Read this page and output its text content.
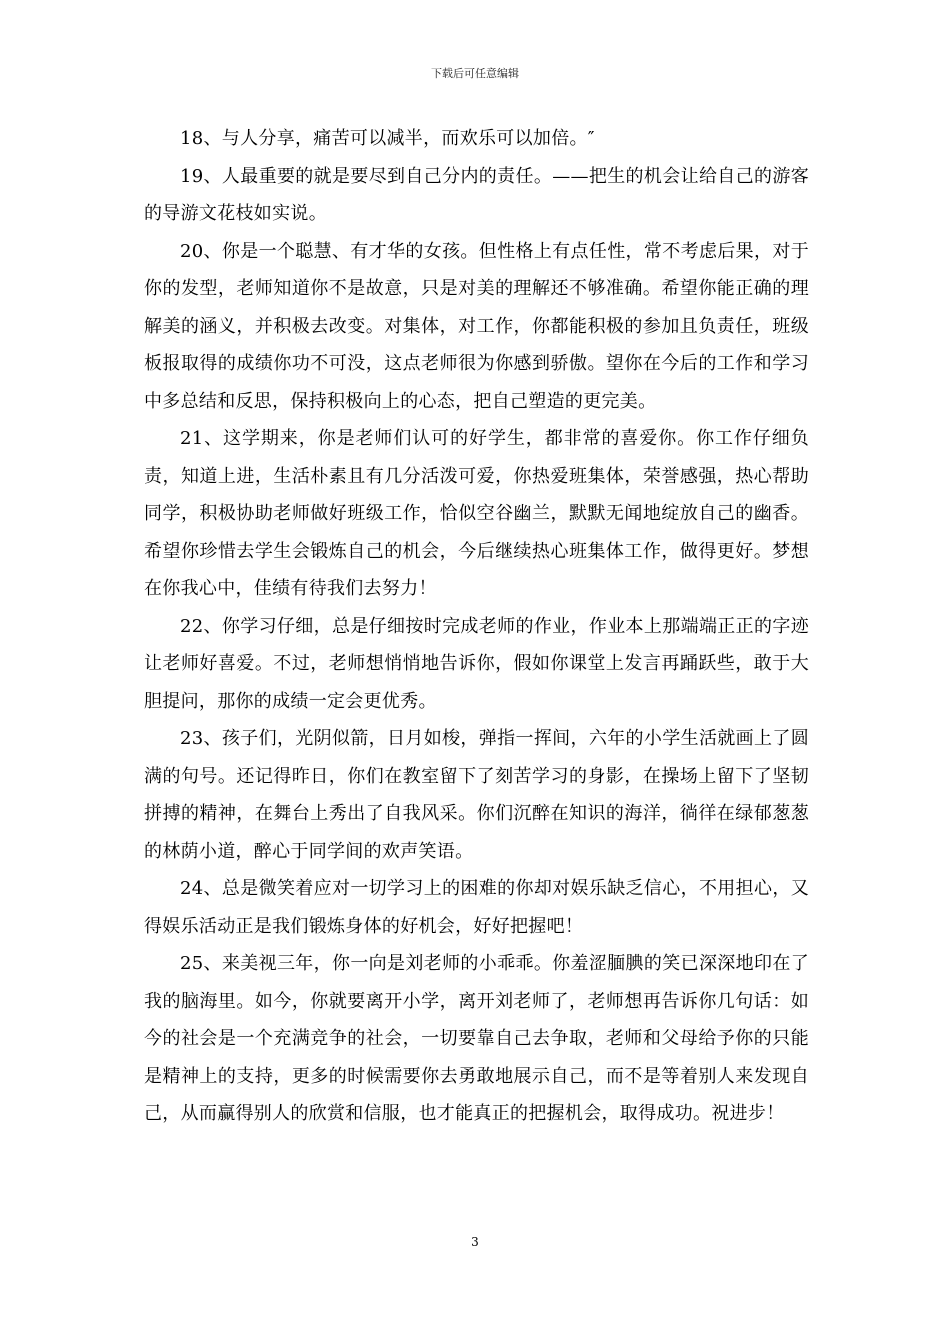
下载后可任意编辑

18、与人分享，痛苦可以减半，而欢乐可以加倍。″

19、人最重要的就是要尽到自己分内的责任。——把生的机会让给自己的游客的导游文花枝如实说。

20、你是一个聪慧、有才华的女孩。但性格上有点任性，常不考虑后果，对于你的发型，老师知道你不是故意，只是对美的理解还不够准确。希望你能正确的理解美的涵义，并积极去改变。对集体，对工作，你都能积极的参加且负责任，班级板报取得的成绩你功不可没，这点老师很为你感到骄傲。望你在今后的工作和学习中多总结和反思，保持积极向上的心态，把自己塑造的更完美。

21、这学期来，你是老师们认可的好学生，都非常的喜爱你。你工作仔细负责，知道上进，生活朴素且有几分活泼可爱，你热爱班集体，荣誉感强，热心帮助同学，积极协助老师做好班级工作，恰似空谷幽兰，默默无闻地绽放自己的幽香。希望你珍惜去学生会锻炼自己的机会，今后继续热心班集体工作，做得更好。梦想在你我心中，佳绩有待我们去努力！

22、你学习仔细，总是仔细按时完成老师的作业，作业本上那端端正正的字迹让老师好喜爱。不过，老师想悄悄地告诉你，假如你课堂上发言再踊跃些，敢于大胆提问，那你的成绩一定会更优秀。

23、孩子们，光阴似箭，日月如梭，弹指一挥间，六年的小学生活就画上了圆满的句号。还记得昨日，你们在教室留下了刻苦学习的身影，在操场上留下了坚韧拼搏的精神，在舞台上秀出了自我风采。你们沉醉在知识的海洋，徜徉在绿郁葱葱的林荫小道，醉心于同学间的欢声笑语。

24、总是微笑着应对一切学习上的困难的你却对娱乐缺乏信心，不用担心，又得娱乐活动正是我们锻炼身体的好机会，好好把握吧！

25、来美视三年，你一向是刘老师的小乖乖。你羞涩腼腆的笑已深深地印在了我的脑海里。如今，你就要离开小学，离开刘老师了，老师想再告诉你几句话：如今的社会是一个充满竞争的社会，一切要靠自己去争取，老师和父母给予你的只能是精神上的支持，更多的时候需要你去勇敢地展示自己，而不是等着别人来发现自己，从而赢得别人的欣赏和信服，也才能真正的把握机会，取得成功。祝进步！

3
